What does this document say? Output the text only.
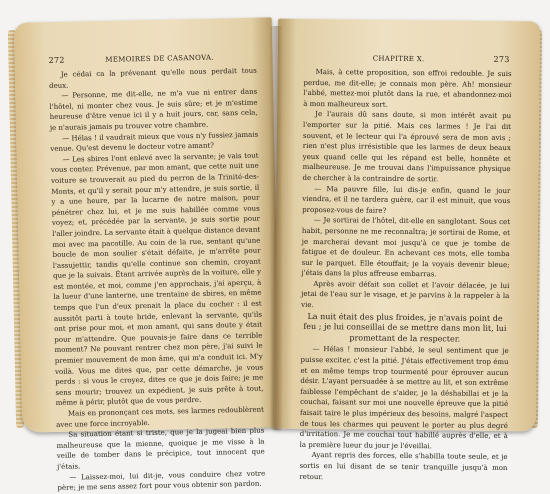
272	MEMOIRES DE CASANOVA.

Je cédai ca la prévenant qu'elle nous perdait tous deux.

— Personne, me dit-elle, ne m'a vue ni entrer dans l'hôtel, ni monter chez vous. Je suis sûre; et je m'estime heureuse d'être venue ici il y a huit jours, car, sans cela, je n'aurais jamais pu trouver votre chambre.

— Hélas ! il vaudrait mieux que vous n'y fussiez jamais venue. Qu'est devenu le docteur votre amant?

— Les sbires l'ont enlevé avec la servante; je vais tout vous conter. Prévenue, par mon amant, que cette nuit une voiture se trouverait au pied du perron de la Trinité-des-Monts, et qu'il y serait pour m'y attendre, je suis sortie, il y a une heure, par la lucarne de notre maison, pour pénétrer chez lui, et je me suis habillée comme vous voyez; et, précédée par la servante, je suis sortie pour l'aller joindre. La servante était à quelque distance devant moi avec ma pacotille. Au coin de la rue, sentant qu'une boucle de mon soulier s'était défaite, je m'arrête pour l'assujettir, tandis qu'elle continue son chemin, croyant que je la suivais. Étant arrivée auprès de la voiture, elle y est montée, et moi, comme j'en approchais, j'ai aperçu, à la lueur d'une lanterne, une trentaine de sbires, en même temps que l'un d'eux prenait la place du cocher : il est aussitôt parti à toute bride, enlevant la servante, qu'ils ont prise pour moi, et mon amant, qui sans doute y était pour m'attendre. Que pouvais-je faire dans ce terrible moment? Ne pouvant rentrer chez mon père, j'ai suivi le premier mouvement de mon âme, qui m'a conduit ici. M'y voilà. Vous me dites que, par cette démarche, je vous perds : si vous le croyez, dites ce que je dois faire; je me sens mourir; trouvez un expédient, je suis prête à tout, même à périr, plutôt que de vous perdre.

Mais en prononçant ces mots, ses larmes redoublèrent avec une force incroyable.

Sa situation étant si triste, que je la jugeai bien plus malheureuse que la mienne, quoique je me visse à la veille de tomber dans le précipice, tout innocent que j'étais.

— Laissez-moi, lui dit-je, vous conduire chez votre père; je me sens assez fort pour vous obtenir son pardon.

CHAPITRE X.	273

Mais, à cette proposition, son effroi redouble. Je suis perdue, me dit-elle; je connais mon père. Ah! monsieur l'abbé, mettez-moi plutôt dans la rue, et abandonnez-moi à mon malheureux sort.

Je l'aurais dû sans doute, si mon intérêt avait pu l'emporter sur la pitié. Mais ces larmes ! Je l'ai dit souvent, et le lecteur qui l'a éprouvé sera de mon avis ; rien n'est plus irrésistible que les larmes de deux beaux yeux quand celle qui les répand est belle, honnête et malheureuse. Je me trouvai dans l'impuissance physique de chercher à la contraindre de sortir.

— Ma pauvre fille, lui dis-je enfin, quand le jour viendra, et il ne tardera guère, car il est minuit, que vous proposez-vous de faire?

— Je sortirai de l'hôtel, dit-elle en sanglotant. Sous cet habit, personne ne me reconnaîtra; je sortirai de Rome, et je marcherai devant moi jusqu'à ce que je tombe de fatigue et de douleur. En achevant ces mots, elle tomba sur le parquet. Elle étouffait; je la voyais devenir bleue; j'étais dans la plus affreuse embarras.

Après avoir défait son collet et l'avoir délacée, je lui jetai de l'eau sur le visage, et je parvins à la rappeler à la vie.

La nuit était des plus froides, je n'avais point de feu ; je lui conseillai de se mettre dans mon lit, lui promettant de la respecter.

— Hélas ! monsieur l'abbé, le seul sentiment que je puisse exciter, c'est la pitié. J'étais effectivement trop ému et en même temps trop tourmenté pour éprouver aucun désir. L'ayant persuadée à se mettre au lit, et son extrême faiblesse l'empêchant de s'aider, je la déshabillai et je la couchai, faisant sur moi une nouvelle épreuve que la pitié faisait taire le plus impérieux des besoins, malgré l'aspect de tous les charmes qui peuvent le porter au plus degré d'irritation. Je me couchai tout habillé auprès d'elle, et à la première lueur du jour je l'éveillai.

Ayant repris des forces, elle s'habilla toute seule, et je sortis en lui disant de se tenir tranquille jusqu'à mon retour.
